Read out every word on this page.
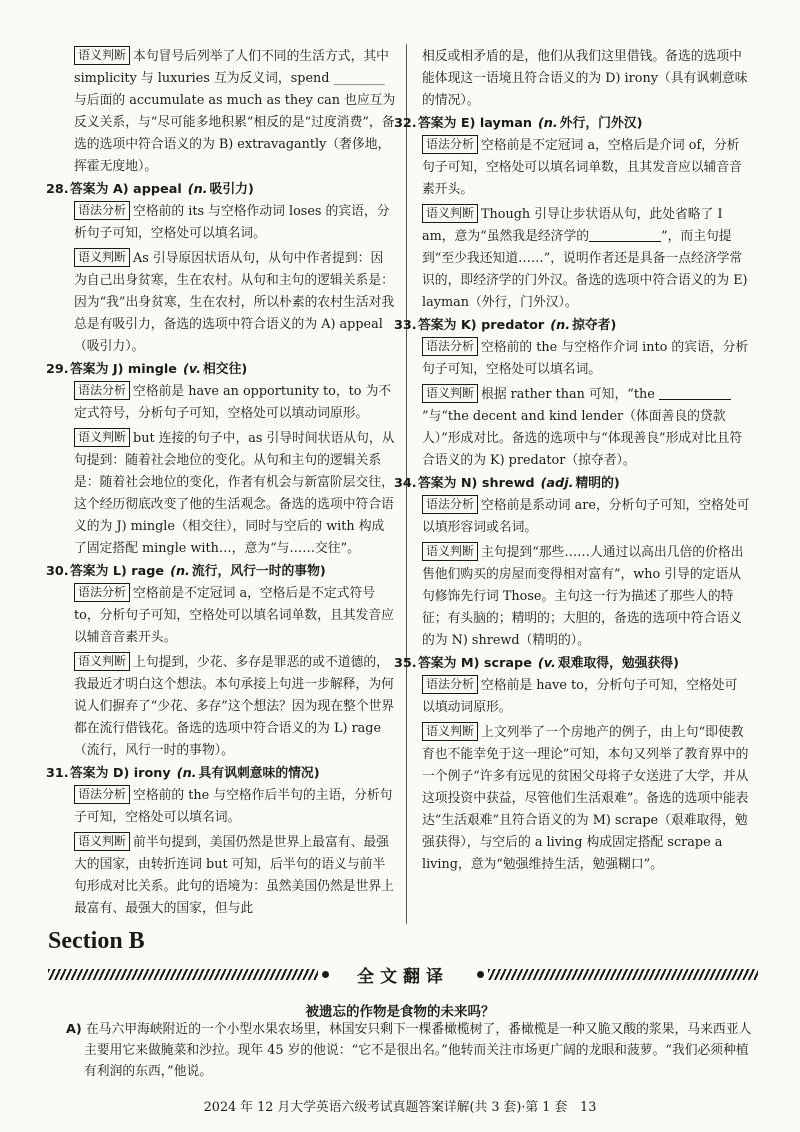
语义判断 本句冒号后列举了人们不同的生活方式，其中 simplicity 与 luxuries 互为反义词，spend ________ 与后面的 accumulate as much as they can 也应互为反义关系，与“尽可能多地积累”相反的是“过度消费”，备选的选项中符合语义的为 B) extravagantly（奢侈地，挥霍无度地）。

28.答案为 A) appeal (n. 吸引力)

语法分析 空格前的 its 与空格作动词 loses 的宾语，分析句子可知，空格处可以填名词。

语义判断 As 引导原因状语从句，从句中作者提到：因为自己出身贫寒，生在农村。从句和主句的逻辑关系是：因为“我”出身贫寒，生在农村，所以朴素的农村生活对我总是有吸引力，备选的选项中符合语义的为 A) appeal（吸引力）。

29.答案为 J) mingle (v. 相交往)

语法分析 空格前是 have an opportunity to，to 为不定式符号，分析句子可知，空格处可以填动词原形。

语义判断 but 连接的句子中，as 引导时间状语从句，从句提到：随着社会地位的变化。从句和主句的逻辑关系是：随着社会地位的变化，作者有机会与新富阶层交往，这个经历彻底改变了他的生活观念。备选的选项中符合语义的为 J) mingle（相交往），同时与空后的 with 构成了固定搭配 mingle with…，意为“与……交往”。

30.答案为 L) rage (n. 流行，风行一时的事物)

语法分析 空格前是不定冠词 a，空格后是不定式符号 to，分析句子可知，空格处可以填名词单数，且其发音应以辅音音素开头。

语义判断 上句提到，少花、多存是罪恶的或不道德的，我最近才明白这个想法。本句承接上句进一步解释，为何说人们摒弃了“少花、多存”这个想法？因为现在整个世界都在流行借钱花。备选的选项中符合语义的为 L) rage（流行，风行一时的事物）。

31.答案为 D) irony (n. 具有讽刺意味的情况)

语法分析 空格前的 the 与空格作后半句的主语，分析句子可知，空格处可以填名词。

语义判断 前半句提到，美国仍然是世界上最富有、最强大的国家，由转折连词 but 可知，后半句的语义与前半句形成对比关系。此句的语境为：虽然美国仍然是世界上最富有、最强大的国家，但与此

相反或相矛盾的是，他们从我们这里借钱。备选的选项中能体现这一语境且符合语义的为 D) irony（具有讽刺意味的情况）。

32.答案为 E) layman (n. 外行，门外汉)

语法分析 空格前是不定冠词 a，空格后是介词 of，分析句子可知，空格处可以填名词单数，且其发音应以辅音音素开头。

语义判断 Though 引导让步状语从句，此处省略了 I am，意为“虽然我是经济学的	”，而主句提到“至少我还知道……”，说明作者还是具备一点经济学常识的，即经济学的门外汉。备选的选项中符合语义的为 E) layman（外行，门外汉）。

33.答案为 K) predator (n. 掠夺者)

语法分析 空格前的 the 与空格作介词 into 的宾语，分析句子可知，空格处可以填名词。

语义判断 根据 rather than 可知，“the ”与“the decent and kind lender（体面善良的贷款人）”形成对比。备选的选项中与“体现善良”形成对比且符合语义的为 K) predator（掠夺者）。

34.答案为 N) shrewd (adj. 精明的)

语法分析 空格前是系动词 are，分析句子可知，空格处可以填形容词或名词。

语义判断 主句提到“那些……人通过以高出几倍的价格出售他们购买的房屋而变得相对富有”，who 引导的定语从句修饰先行词 Those。主句这一行为描述了那些人的特征；有头脑的；精明的；大胆的，备选的选项中符合语义的为 N) shrewd（精明的）。

35.答案为 M) scrape (v. 艰难取得，勉强获得)

语法分析 空格前是 have to，分析句子可知，空格处可以填动词原形。

语义判断 上文列举了一个房地产的例子，由上句“即使教育也不能幸免于这一理论”可知，本句又列举了教育界中的一个例子“许多有远见的贫困父母将子女送进了大学，并从这项投资中获益，尽管他们生活艰难”。备选的选项中能表达“生活艰难”且符合语义的为 M) scrape（艰难取得，勉强获得），与空后的 a living 构成固定搭配 scrape a living，意为“勉强维持生活，勉强糊口”。

Section B
全文翻译
被遗忘的作物是食物的未来吗？
A) 在马六甲海峡附近的一个小型水果农场里，林国安只剩下一棵番橄榄树了，番橄榄是一种又脆又酸的浆果，马来西亚人主要用它来做腌菜和沙拉。现年 45 岁的他说：“它不是很出名。”他转而关注市场更广阔的龙眼和菠萝。“我们必须种植有利润的东西，”他说。
2024 年 12 月大学英语六级考试真题答案详解(共 3 套)·第 1 套　13
